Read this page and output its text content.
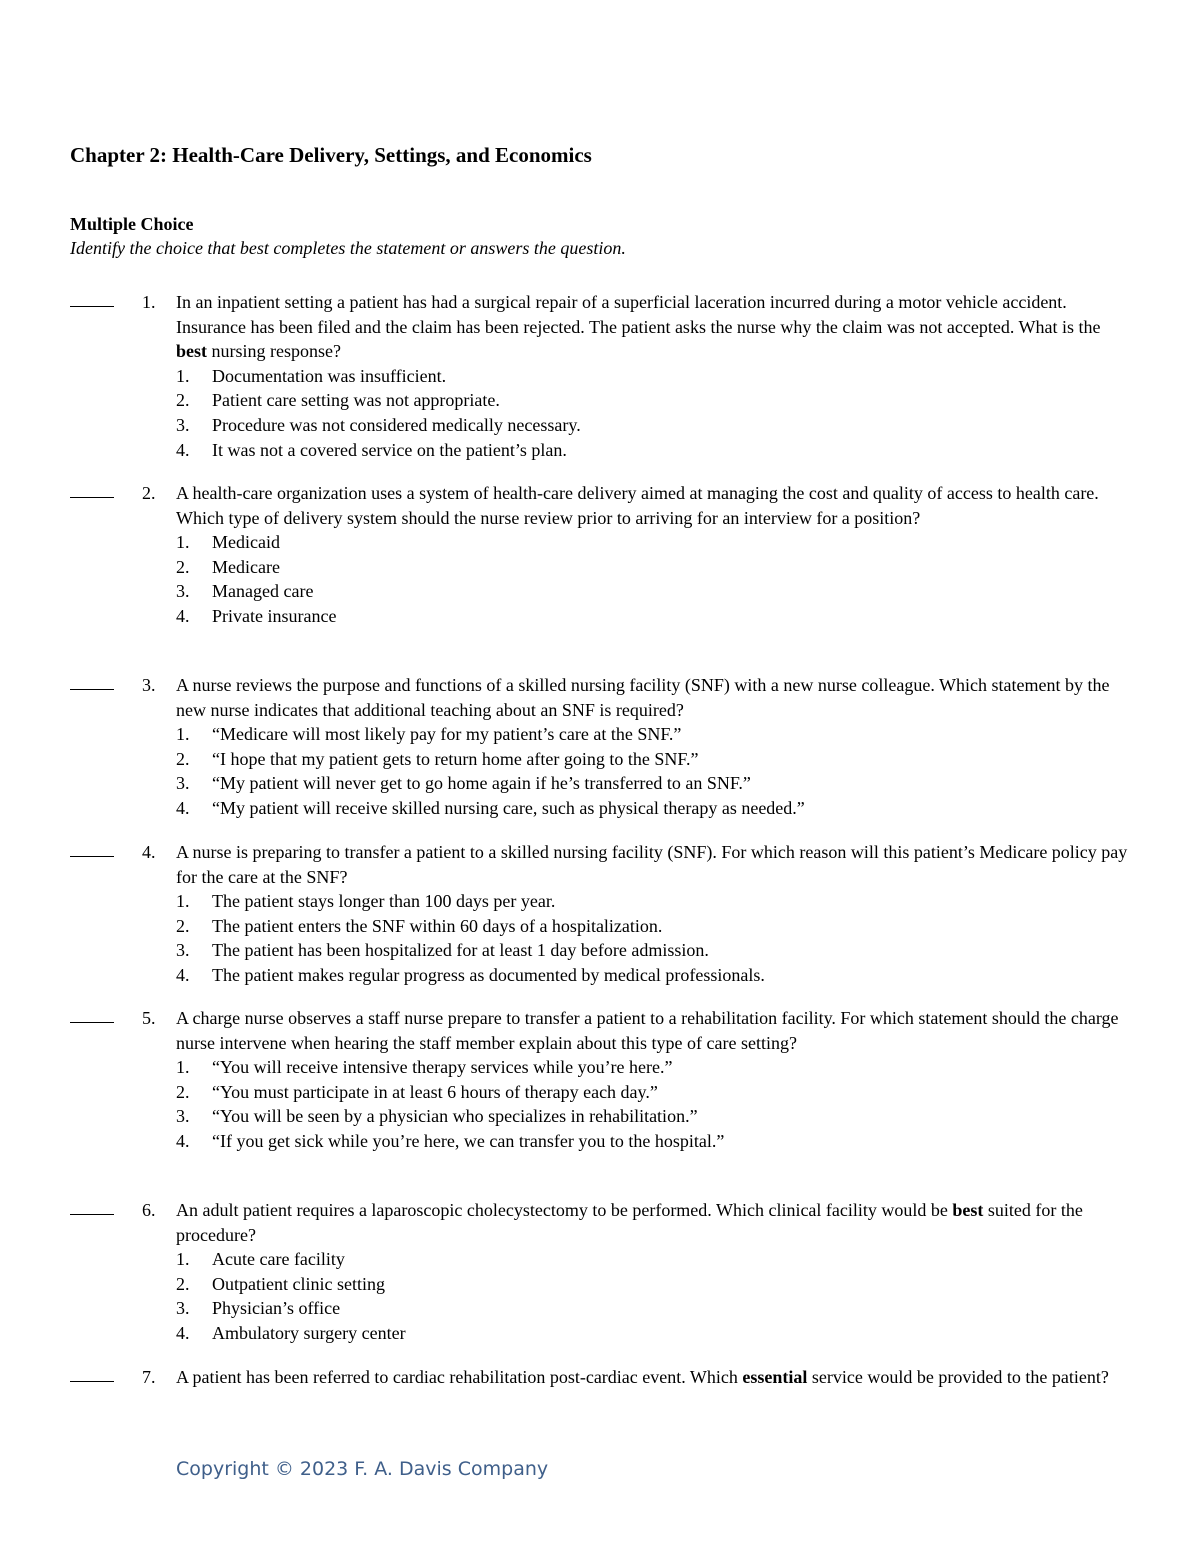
Chapter 2: Health-Care Delivery, Settings, and Economics
Multiple Choice
Identify the choice that best completes the statement or answers the question.
1. In an inpatient setting a patient has had a surgical repair of a superficial laceration incurred during a motor vehicle accident. Insurance has been filed and the claim has been rejected. The patient asks the nurse why the claim was not accepted. What is the best nursing response?
1. Documentation was insufficient.
2. Patient care setting was not appropriate.
3. Procedure was not considered medically necessary.
4. It was not a covered service on the patient’s plan.
2. A health-care organization uses a system of health-care delivery aimed at managing the cost and quality of access to health care. Which type of delivery system should the nurse review prior to arriving for an interview for a position?
1. Medicaid
2. Medicare
3. Managed care
4. Private insurance
3. A nurse reviews the purpose and functions of a skilled nursing facility (SNF) with a new nurse colleague. Which statement by the new nurse indicates that additional teaching about an SNF is required?
1. “Medicare will most likely pay for my patient’s care at the SNF.”
2. “I hope that my patient gets to return home after going to the SNF.”
3. “My patient will never get to go home again if he’s transferred to an SNF.”
4. “My patient will receive skilled nursing care, such as physical therapy as needed.”
4. A nurse is preparing to transfer a patient to a skilled nursing facility (SNF). For which reason will this patient’s Medicare policy pay for the care at the SNF?
1. The patient stays longer than 100 days per year.
2. The patient enters the SNF within 60 days of a hospitalization.
3. The patient has been hospitalized for at least 1 day before admission.
4. The patient makes regular progress as documented by medical professionals.
5. A charge nurse observes a staff nurse prepare to transfer a patient to a rehabilitation facility. For which statement should the charge nurse intervene when hearing the staff member explain about this type of care setting?
1. “You will receive intensive therapy services while you’re here.”
2. “You must participate in at least 6 hours of therapy each day.”
3. “You will be seen by a physician who specializes in rehabilitation.”
4. “If you get sick while you’re here, we can transfer you to the hospital.”
6. An adult patient requires a laparoscopic cholecystectomy to be performed. Which clinical facility would be best suited for the procedure?
1. Acute care facility
2. Outpatient clinic setting
3. Physician’s office
4. Ambulatory surgery center
7. A patient has been referred to cardiac rehabilitation post-cardiac event. Which essential service would be provided to the patient?
Copyright © 2023 F. A. Davis Company
